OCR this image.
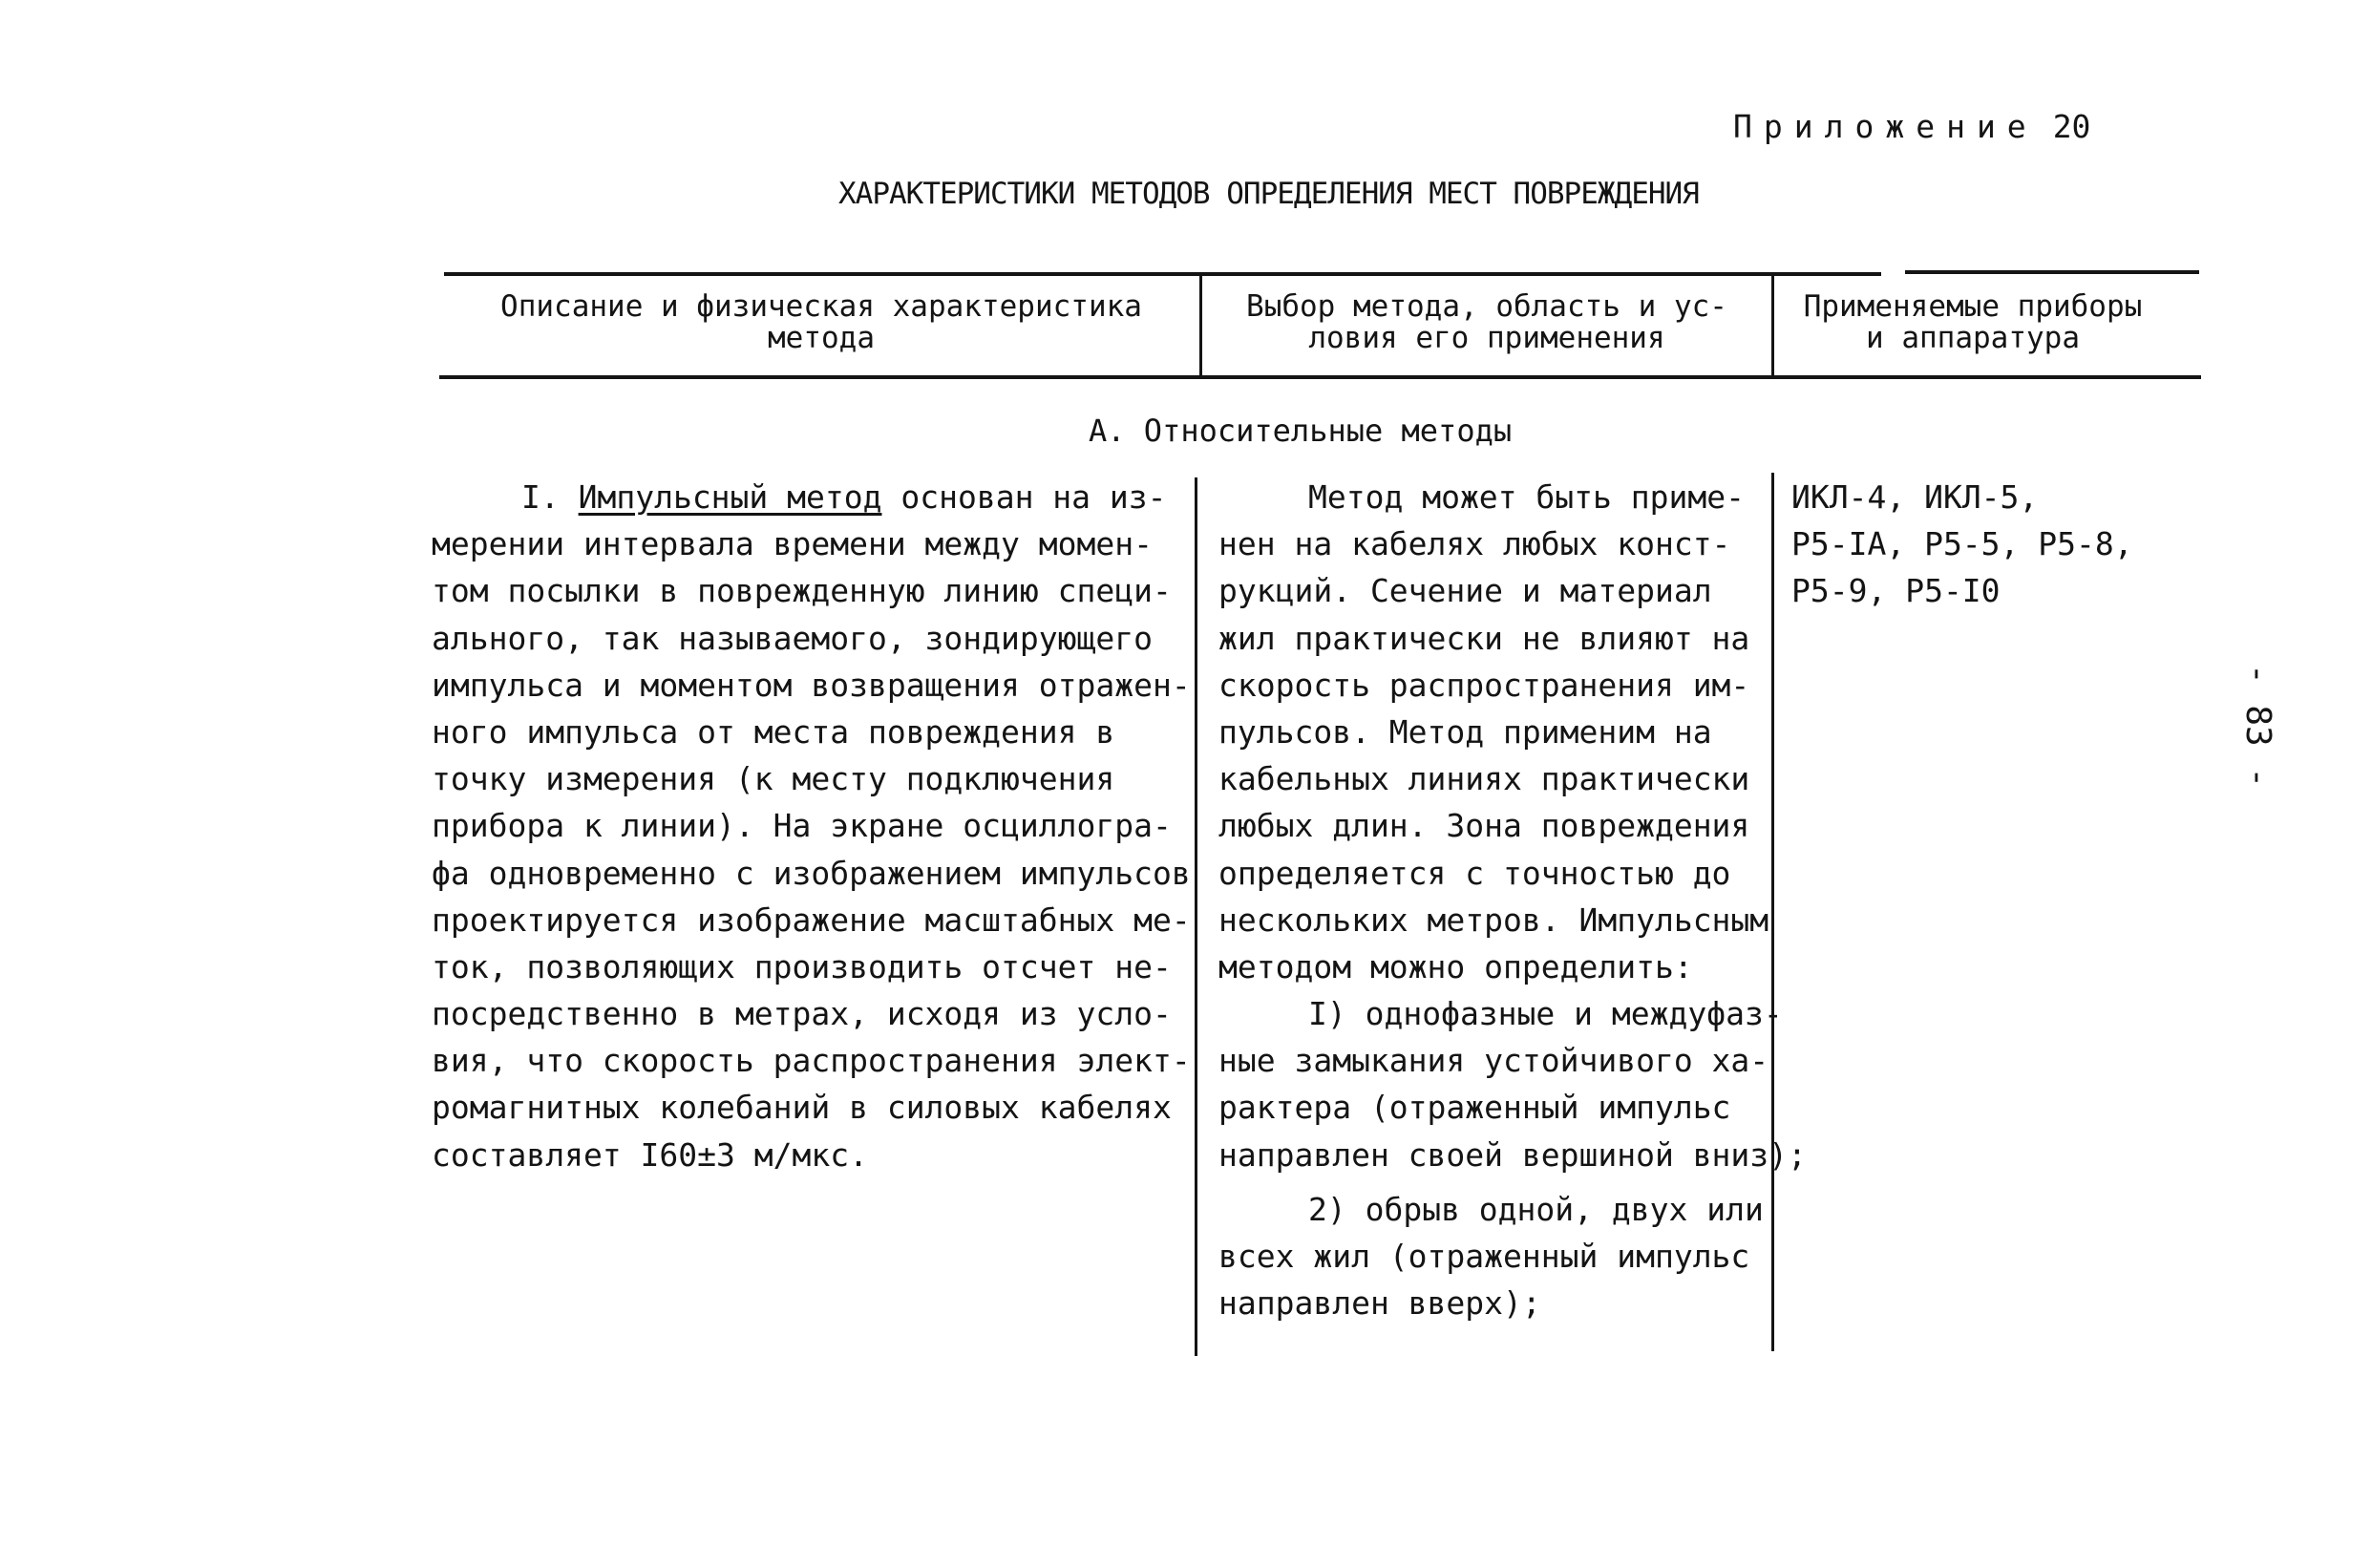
Приложение 20
ХАРАКТЕРИСТИКИ МЕТОДОВ ОПРЕДЕЛЕНИЯ МЕСТ ПОВРЕЖДЕНИЯ
Описание и физическая характеристика
метода
Выбор метода, область и ус-
ловия его применения
Применяемые приборы
и аппаратура
А. Относительные методы
I. Импульсный метод основан на из-
мерении интервала времени между момен-
том посылки в поврежденную линию специ-
ального, так называемого, зондирующего
импульса и моментом возвращения отражен-
ного импульса от места повреждения в
точку измерения (к месту подключения
прибора к линии). На экране осциллогра-
фа одновременно с изображением импульсов
проектируется изображение масштабных ме-
ток, позволяющих производить отсчет не-
посредственно в метрах, исходя из усло-
вия, что скорость распространения элект-
ромагнитных колебаний в силовых кабелях
составляет I60±3 м/мкс.
Метод может быть приме-
нен на кабелях любых конст-
рукций. Сечение и материал
жил практически не влияют на
скорость распространения им-
пульсов. Метод применим на
кабельных линиях практически
любых длин. Зона повреждения
определяется с точностью до
нескольких метров. Импульсным
методом можно определить:
I) однофазные и междуфаз-
ные замыкания устойчивого ха-
рактера (отраженный импульс
направлен своей вершиной вниз);
2) обрыв одной, двух или
всех жил (отраженный импульс
направлен вверх);
ИКЛ-4, ИКЛ-5,
Р5-IА, Р5-5, Р5-8,
Р5-9, Р5-I0
- 83 -
